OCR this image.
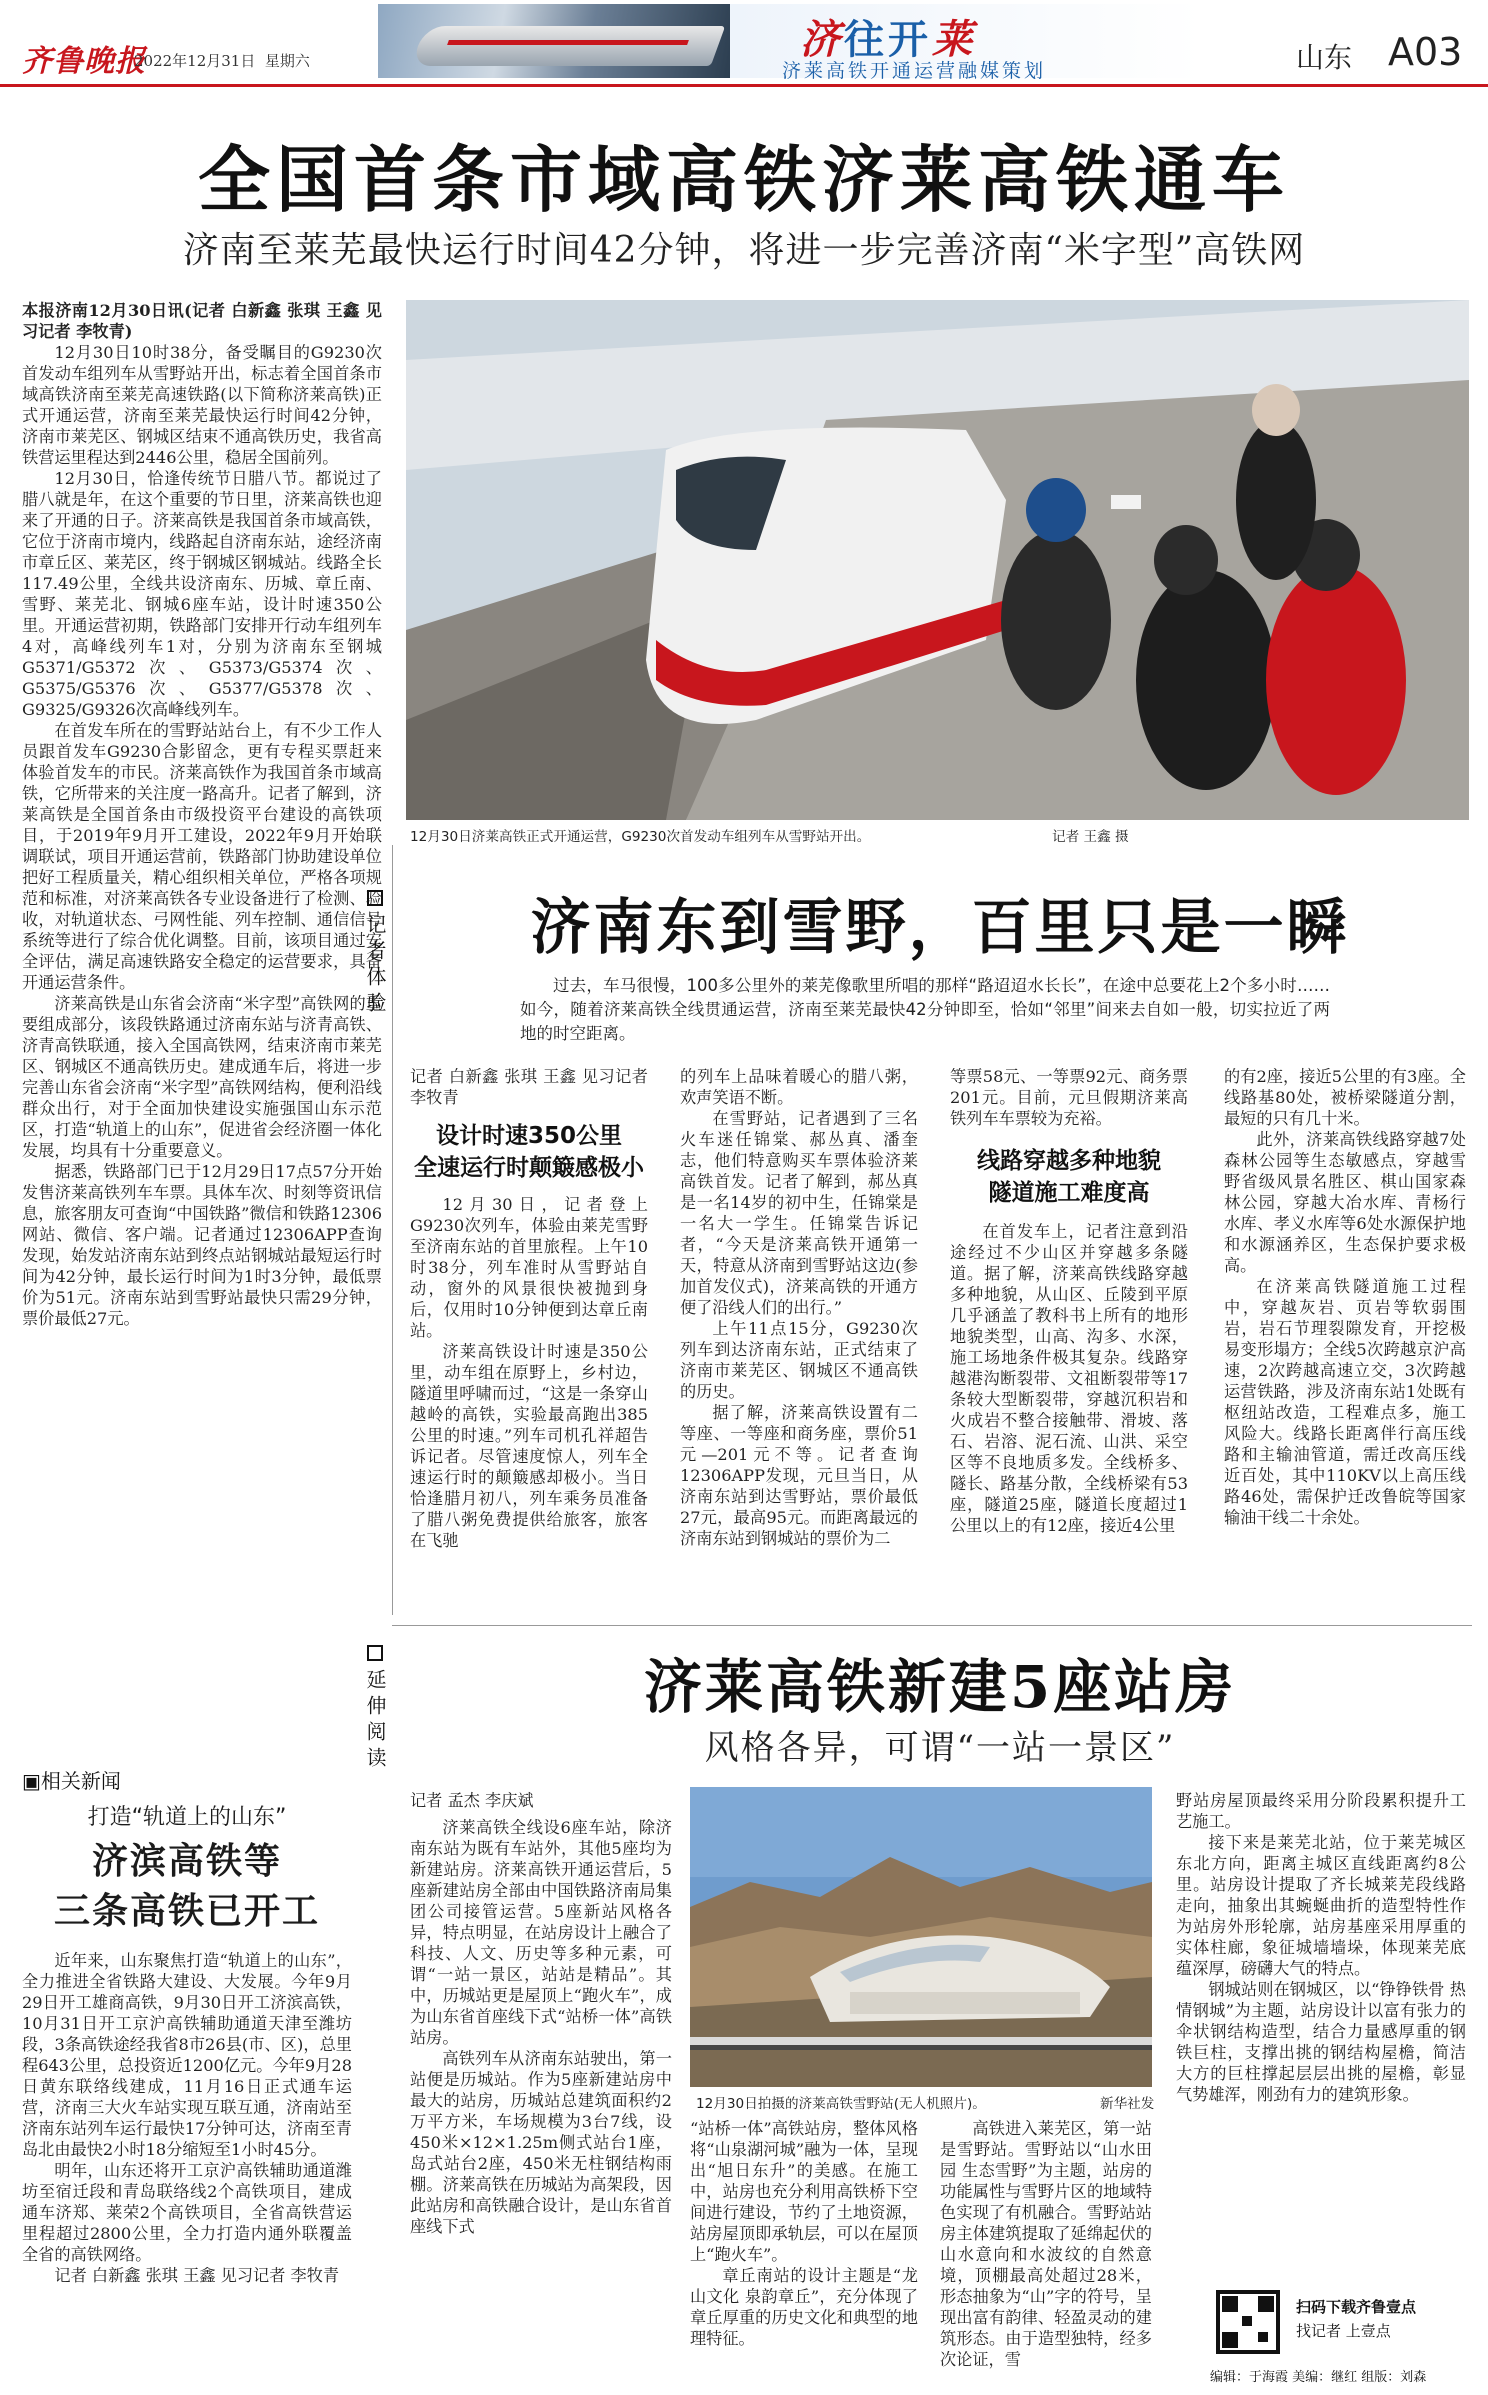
齐鲁晚报
2022年12月31日 星期六	济往开莱
济莱高铁开通运营融媒策划	山东 A03
全国首条市域高铁济莱高铁通车
济南至莱芜最快运行时间42分钟，将进一步完善济南“米字型”高铁网

本报济南12月30日讯(记者 白新鑫 张琪 王鑫 见习记者 李牧青)

12月30日10时38分，备受瞩目的G9230次首发动车组列车从雪野站开出，标志着全国首条市域高铁济南至莱芜高速铁路(以下简称济莱高铁)正式开通运营，济南至莱芜最快运行时间42分钟，济南市莱芜区、钢城区结束不通高铁历史，我省高铁营运里程达到2446公里，稳居全国前列。

12月30日，恰逢传统节日腊八节。都说过了腊八就是年，在这个重要的节日里，济莱高铁也迎来了开通的日子。济莱高铁是我国首条市域高铁，它位于济南市境内，线路起自济南东站，途经济南市章丘区、莱芜区，终于钢城区钢城站。线路全长117.49公里，全线共设济南东、历城、章丘南、雪野、莱芜北、钢城6座车站，设计时速350公里。开通运营初期，铁路部门安排开行动车组列车4对，高峰线列车1对，分别为济南东至钢城G5371/G5372次、G5373/G5374次、G5375/G5376次、G5377/G5378次、G9325/G9326次高峰线列车。

在首发车所在的雪野站站台上，有不少工作人员跟首发车G9230合影留念，更有专程买票赶来体验首发车的市民。济莱高铁作为我国首条市域高铁，它所带来的关注度一路高升。记者了解到，济莱高铁是全国首条由市级投资平台建设的高铁项目，于2019年9月开工建设，2022年9月开始联调联试，项目开通运营前，铁路部门协助建设单位把好工程质量关，精心组织相关单位，严格各项规范和标准，对济莱高铁各专业设备进行了检测、验收，对轨道状态、弓网性能、列车控制、通信信号系统等进行了综合优化调整。目前，该项目通过安全评估，满足高速铁路安全稳定的运营要求，具备开通运营条件。

济莱高铁是山东省会济南“米字型”高铁网的重要组成部分，该段铁路通过济南东站与济青高铁、济青高铁联通，接入全国高铁网，结束济南市莱芜区、钢城区不通高铁历史。建成通车后，将进一步完善山东省会济南“米字型”高铁网结构，便利沿线群众出行，对于全面加快建设实施强国山东示范区，打造“轨道上的山东”，促进省会经济圈一体化发展，均具有十分重要意义。

据悉，铁路部门已于12月29日17点57分开始发售济莱高铁列车车票。具体车次、时刻等资讯信息，旅客朋友可查询“中国铁路”微信和铁路12306网站、微信、客户端。记者通过12306APP查询发现，始发站济南东站到终点站钢城站最短运行时间为42分钟，最长运行时间为1时3分钟，最低票价为51元。济南东站到雪野站最快只需29分钟，票价最低27元。

12月30日济莱高铁正式开通运营，G9230次首发动车组列车从雪野站开出。	记者 王鑫 摄

记者体验	济南东到雪野，百里只是一瞬
过去，车马很慢，100多公里外的莱芜像歌里所唱的那样“路迢迢水长长”，在途中总要花上2个多小时……如今，随着济莱高铁全线贯通运营，济南至莱芜最快42分钟即至，恰如“邻里”间来去自如一般，切实拉近了两地的时空距离。

记者 白新鑫 张琪 王鑫 见习记者 李牧青

设计时速350公里
全速运行时颠簸感极小

12月30日，记者登上G9230次列车，体验由莱芜雪野至济南东站的首里旅程。上午10时38分，列车准时从雪野站自动，窗外的风景很快被抛到身后，仅用时10分钟便到达章丘南站。

济莱高铁设计时速是350公里，动车组在原野上，乡村边，隧道里呼啸而过，“这是一条穿山越岭的高铁，实验最高跑出385公里的时速。”列车司机孔祥超告诉记者。尽管速度惊人，列车全速运行时的颠簸感却极小。当日恰逢腊月初八，列车乘务员准备了腊八粥免费提供给旅客，旅客在飞驰

的列车上品味着暖心的腊八粥，欢声笑语不断。

在雪野站，记者遇到了三名火车迷任锦棠、郝丛真、潘奎志，他们特意购买车票体验济莱高铁首发。记者了解到，郝丛真是一名14岁的初中生，任锦棠是一名大一学生。任锦棠告诉记者，“今天是济莱高铁开通第一天，特意从济南到雪野站这边(参加首发仪式)，济莱高铁的开通方便了沿线人们的出行。”

上午11点15分，G9230次列车到达济南东站，正式结束了济南市莱芜区、钢城区不通高铁的历史。

据了解，济莱高铁设置有二等座、一等座和商务座，票价51元—201元不等。记者查询12306APP发现，元旦当日，从济南东站到达雪野站，票价最低27元，最高95元。而距离最远的济南东站到钢城站的票价为二

等票58元、一等票92元、商务票201元。目前，元旦假期济莱高铁列车车票较为充裕。

线路穿越多种地貌
隧道施工难度高

在首发车上，记者注意到沿途经过不少山区并穿越多条隧道。据了解，济莱高铁线路穿越多种地貌，从山区、丘陵到平原几乎涵盖了教科书上所有的地形地貌类型，山高、沟多、水深，施工场地条件极其复杂。线路穿越港沟断裂带、文祖断裂带等17条较大型断裂带，穿越沉积岩和火成岩不整合接触带、滑坡、落石、岩溶、泥石流、山洪、采空区等不良地质多发。全线桥多、隧长、路基分散，全线桥梁有53座，隧道25座，隧道长度超过1公里以上的有12座，接近4公里

的有2座，接近5公里的有3座。全线路基80处，被桥梁隧道分割，最短的只有几十米。

此外，济莱高铁线路穿越7处森林公园等生态敏感点，穿越雪野省级风景名胜区、棋山国家森林公园，穿越大冶水库、青杨行水库、孝义水库等6处水源保护地和水源涵养区，生态保护要求极高。

在济莱高铁隧道施工过程中，穿越灰岩、页岩等软弱围岩，岩石节理裂隙发育，开挖极易变形塌方；全线5次跨越京沪高速，2次跨越高速立交，3次跨越运营铁路，涉及济南东站1处既有枢纽站改造，工程难点多，施工风险大。线路长距离伴行高压线路和主输油管道，需迁改高压线近百处，其中110KV以上高压线路46处，需保护迁改鲁皖等国家输油干线二十余处。

延伸阅读	济莱高铁新建5座站房
风格各异，可谓“一站一景区”

记者 孟杰 李庆斌

济莱高铁全线设6座车站，除济南东站为既有车站外，其他5座均为新建站房。济莱高铁开通运营后，5座新建站房全部由中国铁路济南局集团公司接管运营。5座新站风格各异，特点明显，在站房设计上融合了科技、人文、历史等多种元素，可谓“一站一景区，站站是精品”。其中，历城站更是屋顶上“跑火车”，成为山东省首座线下式“站桥一体”高铁站房。

高铁列车从济南东站驶出，第一站便是历城站。作为5座新建站房中最大的站房，历城站总建筑面积约2万平方米，车场规模为3台7线，设450米×12×1.25m侧式站台1座，岛式站台2座，450米无柱钢结构雨棚。济莱高铁在历城站为高架段，因此站房和高铁融合设计，是山东省首座线下式

12月30日拍摄的济莱高铁雪野站(无人机照片)。	新华社发

“站桥一体”高铁站房，整体风格将“山泉湖河城”融为一体，呈现出“旭日东升”的美感。在施工中，站房也充分利用高铁桥下空间进行建设，节约了土地资源，站房屋顶即承轨层，可以在屋顶上“跑火车”。

章丘南站的设计主题是“龙山文化 泉韵章丘”，充分体现了章丘厚重的历史文化和典型的地理特征。

高铁进入莱芜区，第一站是雪野站。雪野站以“山水田园 生态雪野”为主题，站房的功能属性与雪野片区的地域特色实现了有机融合。雪野站站房主体建筑提取了延绵起伏的山水意向和水波纹的自然意境，顶棚最高处超过28米，形态抽象为“山”字的符号，呈现出富有韵律、轻盈灵动的建筑形态。由于造型独特，经多次论证，雪

野站房屋顶最终采用分阶段累积提升工艺施工。

接下来是莱芜北站，位于莱芜城区东北方向，距离主城区直线距离约8公里。站房设计提取了齐长城莱芜段线路走向，抽象出其蜿蜒曲折的造型特性作为站房外形轮廓，站房基座采用厚重的实体柱廊，象征城墙墙垛，体现莱芜底蕴深厚，磅礴大气的特点。

钢城站则在钢城区，以“铮铮铁骨 热情钢城”为主题，站房设计以富有张力的伞状钢结构造型，结合力量感厚重的钢铁巨柱，支撑出挑的钢结构屋檐，简洁大方的巨柱撑起层层出挑的屋檐，彰显气势雄浑，刚劲有力的建筑形象。

▣相关新闻
打造“轨道上的山东”
济滨高铁等
三条高铁已开工

近年来，山东聚焦打造“轨道上的山东”，全力推进全省铁路大建设、大发展。今年9月29日开工雄商高铁，9月30日开工济滨高铁，10月31日开工京沪高铁辅助通道天津至潍坊段，3条高铁途经我省8市26县(市、区)，总里程643公里，总投资近1200亿元。今年9月28日黄东联络线建成，11月16日正式通车运营，济南三大火车站实现互联互通，济南站至济南东站列车运行最快17分钟可达，济南至青岛北由最快2小时18分缩短至1小时45分。

明年，山东还将开工京沪高铁辅助通道潍坊至宿迁段和青岛联络线2个高铁项目，建成通车济郑、莱荣2个高铁项目，全省高铁营运里程超过2800公里，全力打造内通外联覆盖全省的高铁网络。

记者 白新鑫 张琪 王鑫 见习记者 李牧青

扫码下载齐鲁壹点
找记者 上壹点
编辑：于海霞 美编：继红 组版：刘森
